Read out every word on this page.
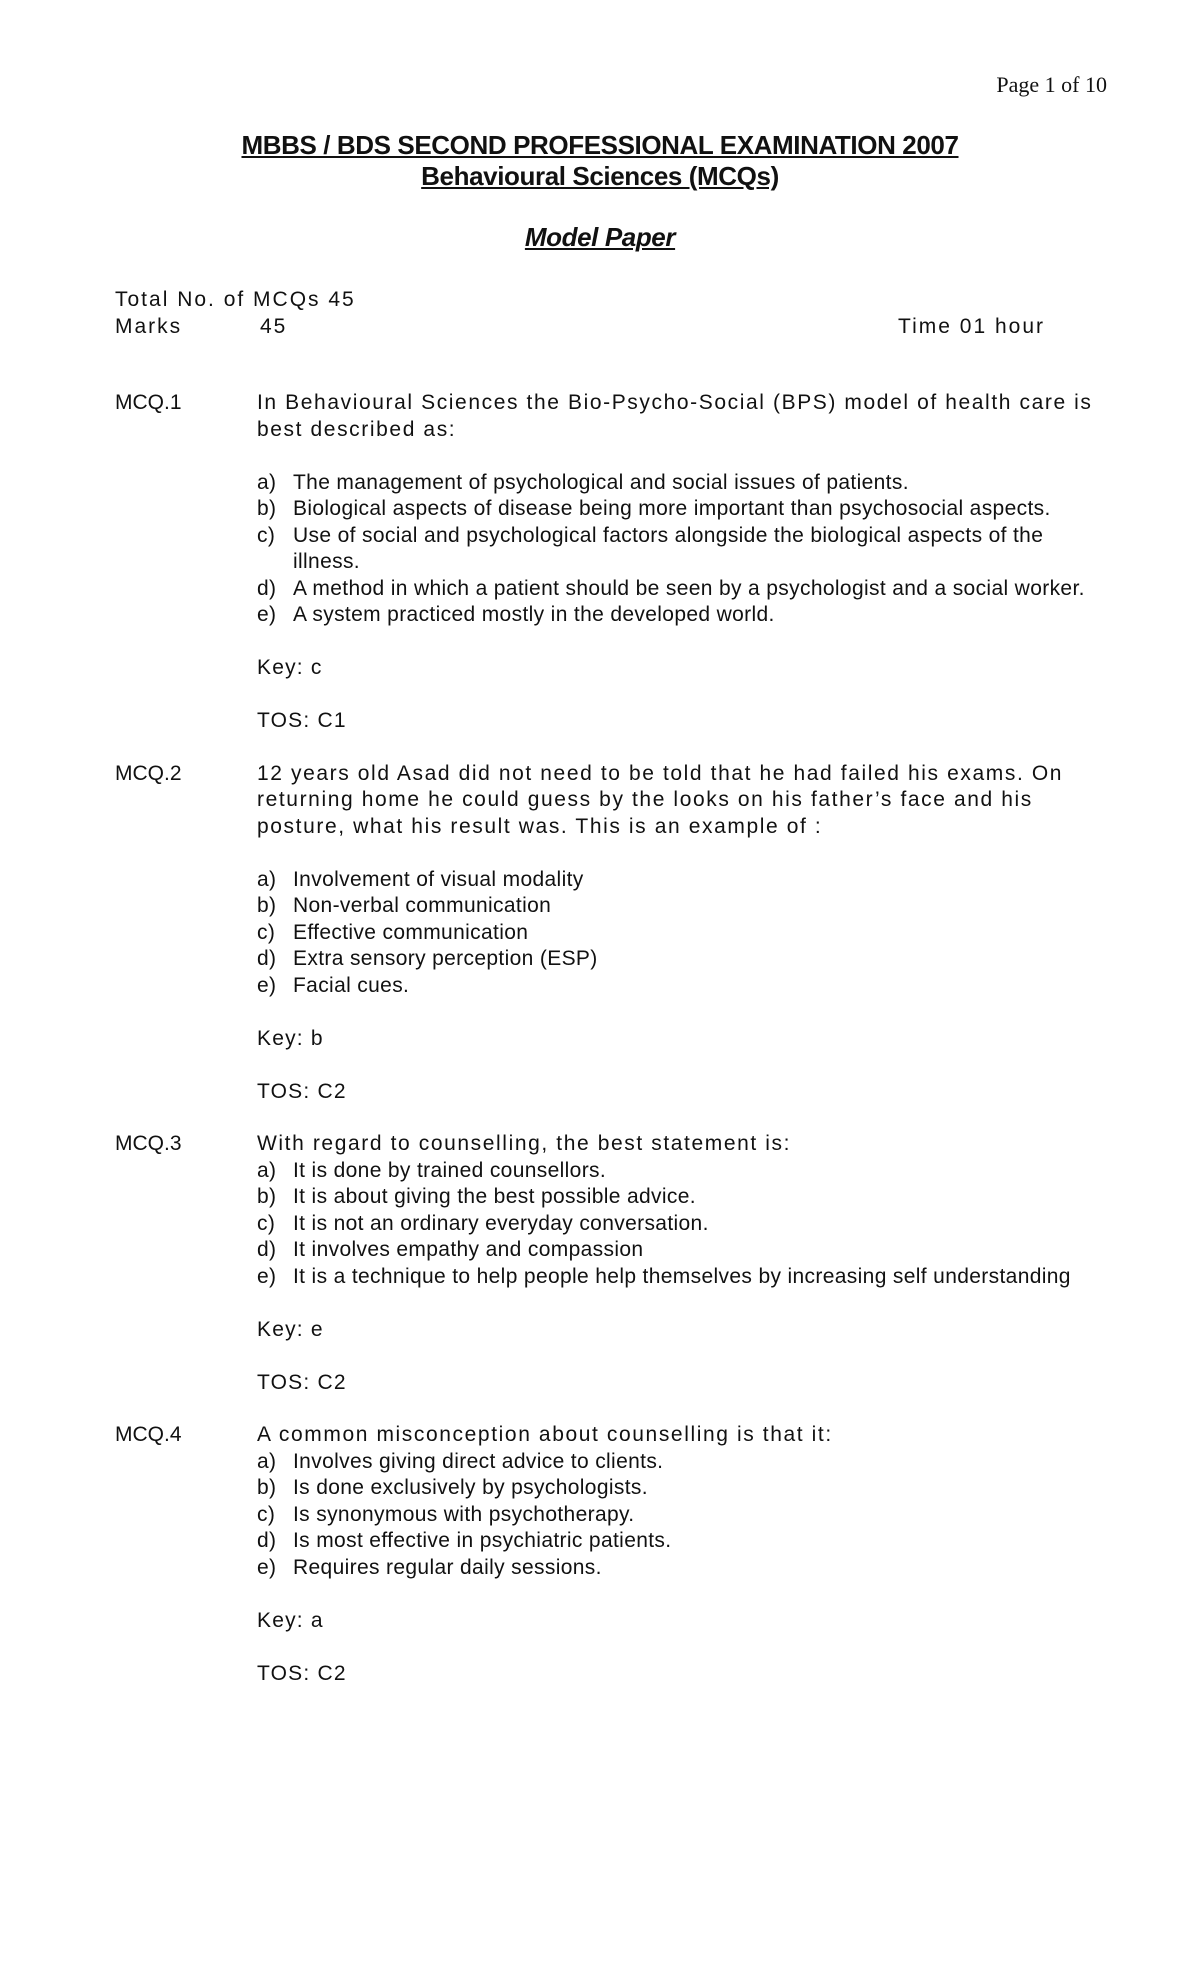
Page 1 of 10
MBBS / BDS SECOND PROFESSIONAL EXAMINATION 2007
Behavioural Sciences (MCQs)
Model Paper
Total No. of MCQs 45
Marks	45	Time 01 hour
MCQ.1	In Behavioural Sciences the Bio-Psycho-Social (BPS) model of health care is best described as:

a) The management of psychological and social issues of patients.
b) Biological aspects of disease being more important than psychosocial aspects.
c) Use of social and psychological factors alongside the biological aspects of the illness.
d) A method in which a patient should be seen by a psychologist and a social worker.
e) A system practiced mostly in the developed world.

Key: c

TOS: C1

MCQ.2	12 years old Asad did not need to be told that he had failed his exams. On returning home he could guess by the looks on his father’s face and his posture, what his result was. This is an example of :

a) Involvement of visual modality
b) Non-verbal communication
c) Effective communication
d) Extra sensory perception (ESP)
e) Facial cues.

Key: b

TOS: C2

MCQ.3	With regard to counselling, the best statement is:

a) It is done by trained counsellors.
b) It is about giving the best possible advice.
c) It is not an ordinary everyday conversation.
d) It involves empathy and compassion
e) It is a technique to help people help themselves by increasing self understanding

Key: e

TOS: C2

MCQ.4	A common misconception about counselling is that it:

a) Involves giving direct advice to clients.
b) Is done exclusively by psychologists.
c) Is synonymous with psychotherapy.
d) Is most effective in psychiatric patients.
e) Requires regular daily sessions.

Key: a

TOS: C2
